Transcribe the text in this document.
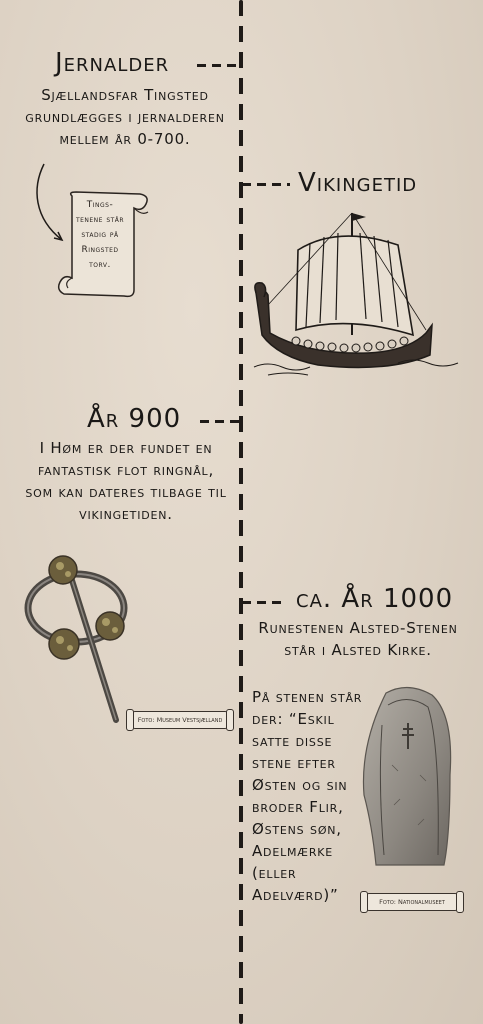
Jernalder
Sjællandsfar Tingsted grundlægges i jernalderen mellem år 0-700.
Tings- tenene står stadig på Ringsted torv.
Vikingetid
År 900
I Høm er der fundet en fantastisk flot ringnål, som kan dateres tilbage til vikingetiden.
Foto: Museum Vestsjælland
ca. År 1000
Runestenen Alsted-Stenen står i Alsted Kirke.
På stenen står der: “Eskil satte disse stene efter Østen og sin broder Flir, Østens søn, Adelmærke (eller Adelværd)”	Foto: Nationalmuseet
